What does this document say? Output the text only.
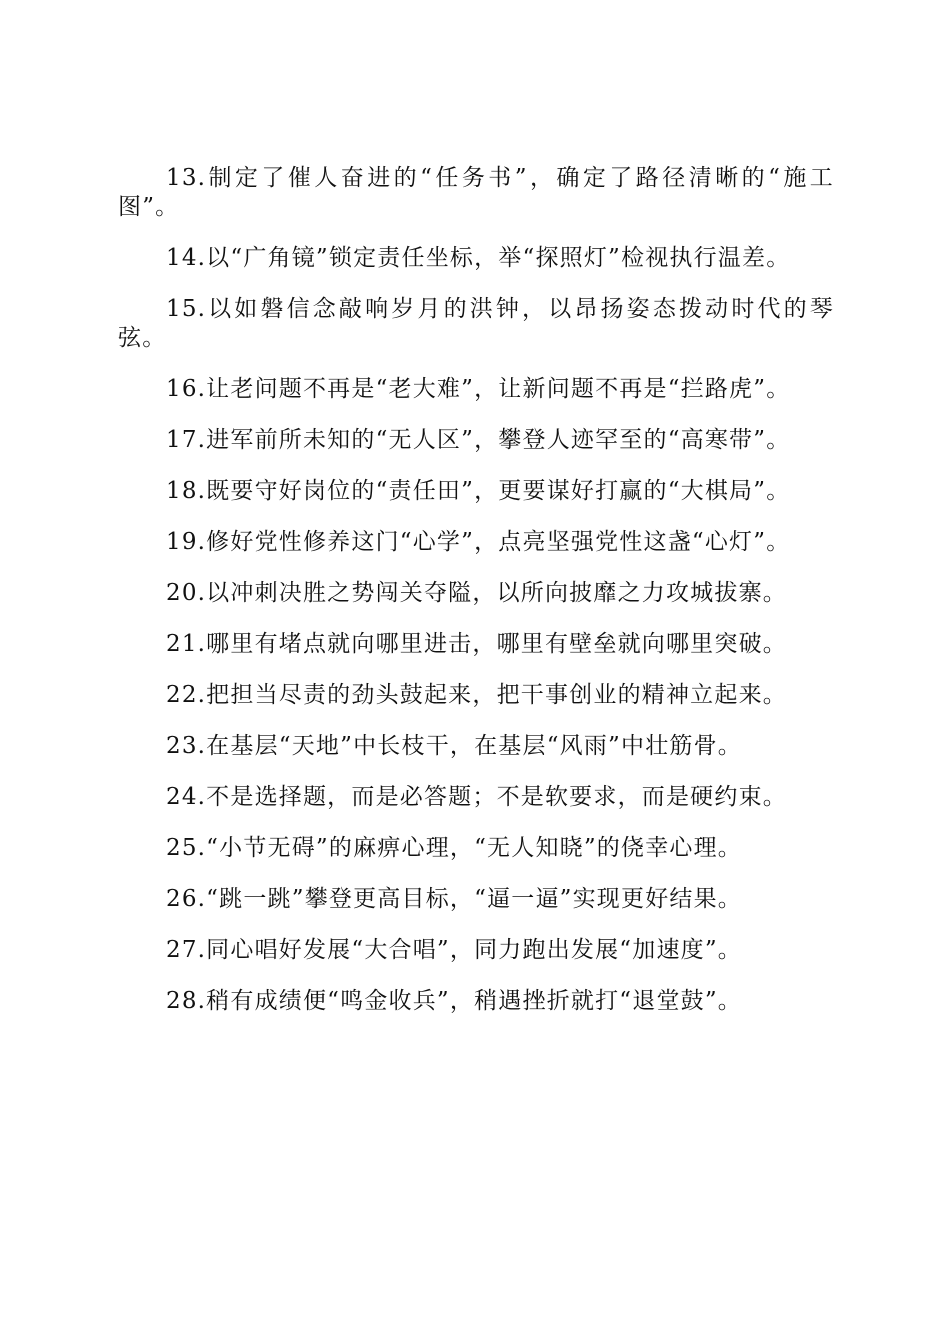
13.制定了催人奋进的“任务书”，确定了路径清晰的“施工图”。

14.以“广角镜”锁定责任坐标，举“探照灯”检视执行温差。

15.以如磐信念敲响岁月的洪钟，以昂扬姿态拨动时代的琴弦。

16.让老问题不再是“老大难”，让新问题不再是“拦路虎”。

17.进军前所未知的“无人区”，攀登人迹罕至的“高寒带”。

18.既要守好岗位的“责任田”，更要谋好打赢的“大棋局”。

19.修好党性修养这门“心学”，点亮坚强党性这盏“心灯”。

20.以冲刺决胜之势闯关夺隘，以所向披靡之力攻城拔寨。

21.哪里有堵点就向哪里进击，哪里有壁垒就向哪里突破。

22.把担当尽责的劲头鼓起来，把干事创业的精神立起来。

23.在基层“天地”中长枝干，在基层“风雨”中壮筋骨。

24.不是选择题，而是必答题；不是软要求，而是硬约束。

25.“小节无碍”的麻痹心理，“无人知晓”的侥幸心理。

26.“跳一跳”攀登更高目标，“逼一逼”实现更好结果。

27.同心唱好发展“大合唱”，同力跑出发展“加速度”。

28.稍有成绩便“鸣金收兵”，稍遇挫折就打“退堂鼓”。
